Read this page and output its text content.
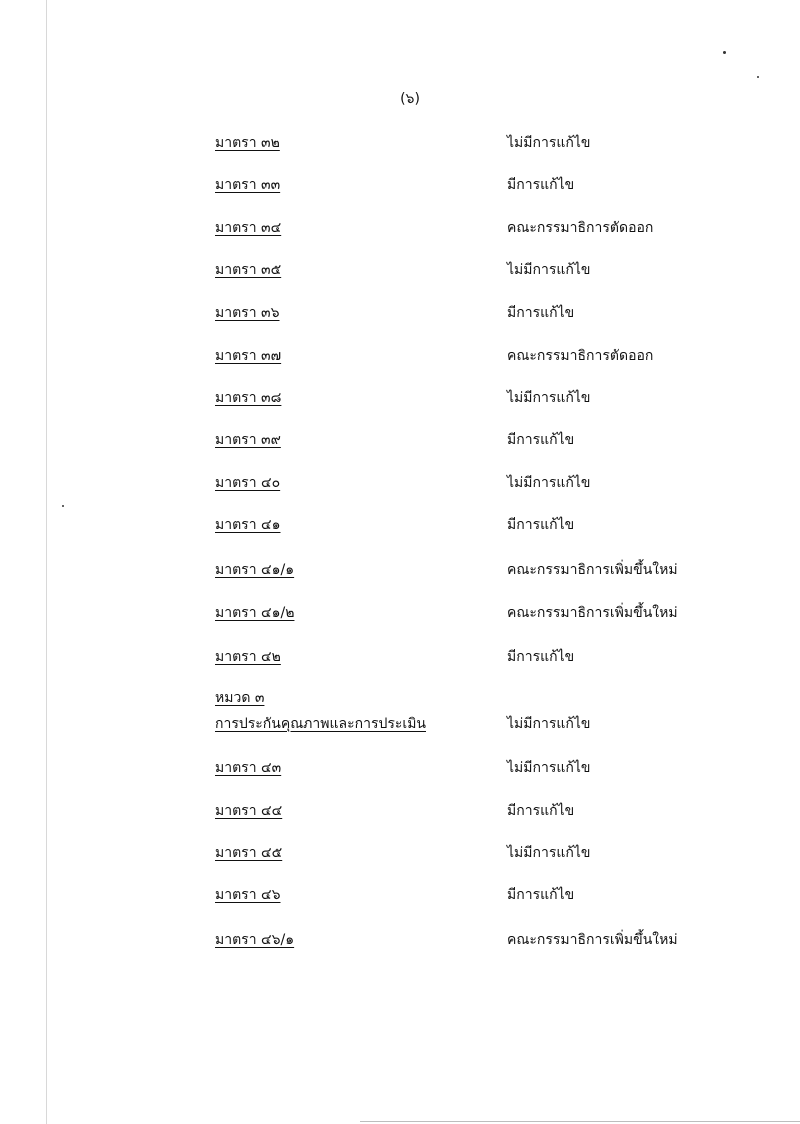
(๖)
มาตรา ๓๒	ไม่มีการแก้ไข
มาตรา ๓๓	มีการแก้ไข
มาตรา ๓๔	คณะกรรมาธิการตัดออก
มาตรา ๓๕	ไม่มีการแก้ไข
มาตรา ๓๖	มีการแก้ไข
มาตรา ๓๗	คณะกรรมาธิการตัดออก
มาตรา ๓๘	ไม่มีการแก้ไข
มาตรา ๓๙	มีการแก้ไข
มาตรา ๔๐	ไม่มีการแก้ไข
มาตรา ๔๑	มีการแก้ไข
มาตรา ๔๑/๑	คณะกรรมาธิการเพิ่มขึ้นใหม่
มาตรา ๔๑/๒	คณะกรรมาธิการเพิ่มขึ้นใหม่
มาตรา ๔๒	มีการแก้ไข
หมวด ๓
การประกันคุณภาพและการประเมิน	ไม่มีการแก้ไข
มาตรา ๔๓	ไม่มีการแก้ไข
มาตรา ๔๔	มีการแก้ไข
มาตรา ๔๕	ไม่มีการแก้ไข
มาตรา ๔๖	มีการแก้ไข
มาตรา ๔๖/๑	คณะกรรมาธิการเพิ่มขึ้นใหม่
